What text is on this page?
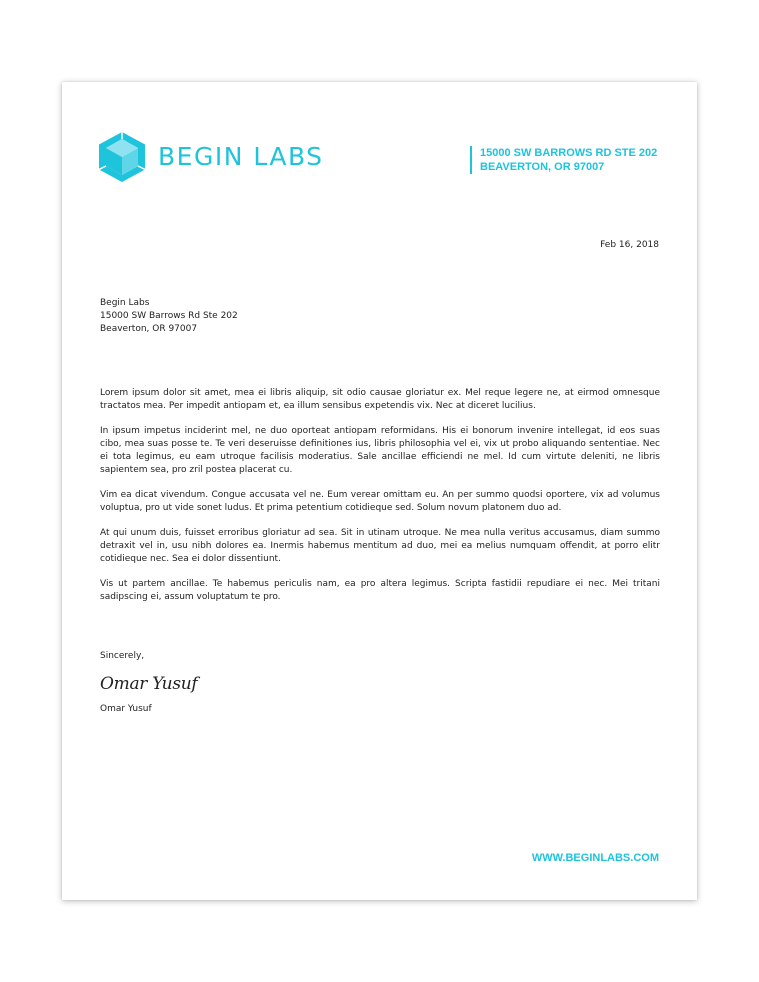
BEGIN LABS	15000 SW BARROWS RD STE 202
BEAVERTON, OR 97007
Feb 16, 2018
Begin Labs
15000 SW Barrows Rd Ste 202
Beaverton, OR 97007

Lorem ipsum dolor sit amet, mea ei libris aliquip, sit odio causae gloriatur ex. Mel reque legere ne, at eirmod omnesque tractatos mea. Per impedit antiopam et, ea illum sensibus expetendis vix. Nec at diceret lucilius.

In ipsum impetus inciderint mel, ne duo oporteat antiopam reformidans. His ei bonorum invenire intellegat, id eos suas cibo, mea suas posse te. Te veri deseruisse definitiones ius, libris philosophia vel ei, vix ut probo aliquando sententiae. Nec ei tota legimus, eu eam utroque facilisis moderatius. Sale ancillae efficiendi ne mel. Id cum virtute deleniti, ne libris sapientem sea, pro zril postea placerat cu.

Vim ea dicat vivendum. Congue accusata vel ne. Eum verear omittam eu. An per summo quodsi oportere, vix ad volumus voluptua, pro ut vide sonet ludus. Et prima petentium cotidieque sed. Solum novum platonem duo ad.

At qui unum duis, fuisset erroribus gloriatur ad sea. Sit in utinam utroque. Ne mea nulla veritus accusamus, diam summo detraxit vel in, usu nibh dolores ea. Inermis habemus mentitum ad duo, mei ea melius numquam offendit, at porro elitr cotidieque nec. Sea ei dolor dissentiunt.

Vis ut partem ancillae. Te habemus periculis nam, ea pro altera legimus. Scripta fastidii repudiare ei nec. Mei tritani sadipscing ei, assum voluptatum te pro.

Sincerely,
Omar Yusuf
Omar Yusuf
WWW.BEGINLABS.COM
